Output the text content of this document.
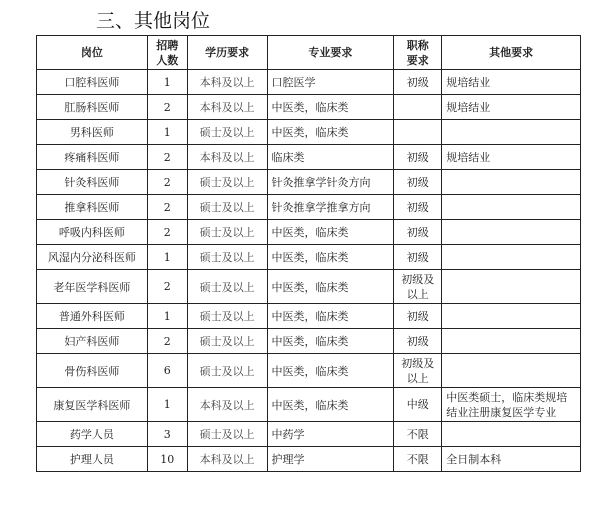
三、其他岗位
岗位	招聘人数	学历要求	专业要求	职称要求	其他要求
口腔科医师	1	本科及以上	口腔医学	初级	规培结业
肛肠科医师	2	本科及以上	中医类，临床类		规培结业
男科医师	1	硕士及以上	中医类，临床类	

疼痛科医师	2	本科及以上	临床类	初级	规培结业
针灸科医师	2	硕士及以上	针灸推拿学针灸方向	初级	

推拿科医师	2	硕士及以上	针灸推拿学推拿方向	初级	

呼吸内科医师	2	硕士及以上	中医类，临床类	初级	

风湿内分泌科医师	1	硕士及以上	中医类，临床类	初级	

老年医学科医师	2	硕士及以上	中医类，临床类	初级及以上	

普通外科医师	1	硕士及以上	中医类，临床类	初级	

妇产科医师	2	硕士及以上	中医类，临床类	初级	

骨伤科医师	6	硕士及以上	中医类，临床类	初级及以上	

康复医学科医师	1	本科及以上	中医类，临床类	中级	中医类硕士，临床类规培结业注册康复医学专业
药学人员	3	硕士及以上	中药学	不限	

护理人员	10	本科及以上	护理学	不限	全日制本科
